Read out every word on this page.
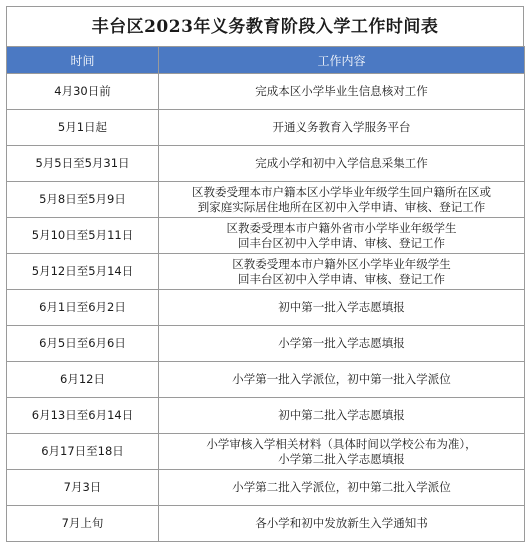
丰台区2023年义务教育阶段入学工作时间表
时间	工作内容
4月30日前	完成本区小学毕业生信息核对工作
5月1日起	开通义务教育入学服务平台
5月5日至5月31日	完成小学和初中入学信息采集工作
5月8日至5月9日	区教委受理本市户籍本区小学毕业年级学生回户籍所在区或
到家庭实际居住地所在区初中入学申请、审核、登记工作
5月10日至5月11日	区教委受理本市户籍外省市小学毕业年级学生
回丰台区初中入学申请、审核、登记工作
5月12日至5月14日	区教委受理本市户籍外区小学毕业年级学生
回丰台区初中入学申请、审核、登记工作
6月1日至6月2日	初中第一批入学志愿填报
6月5日至6月6日	小学第一批入学志愿填报
6月12日	小学第一批入学派位，初中第一批入学派位
6月13日至6月14日	初中第二批入学志愿填报
6月17日至18日	小学审核入学相关材料（具体时间以学校公布为准），
小学第二批入学志愿填报
7月3日	小学第二批入学派位，初中第二批入学派位
7月上旬	各小学和初中发放新生入学通知书
